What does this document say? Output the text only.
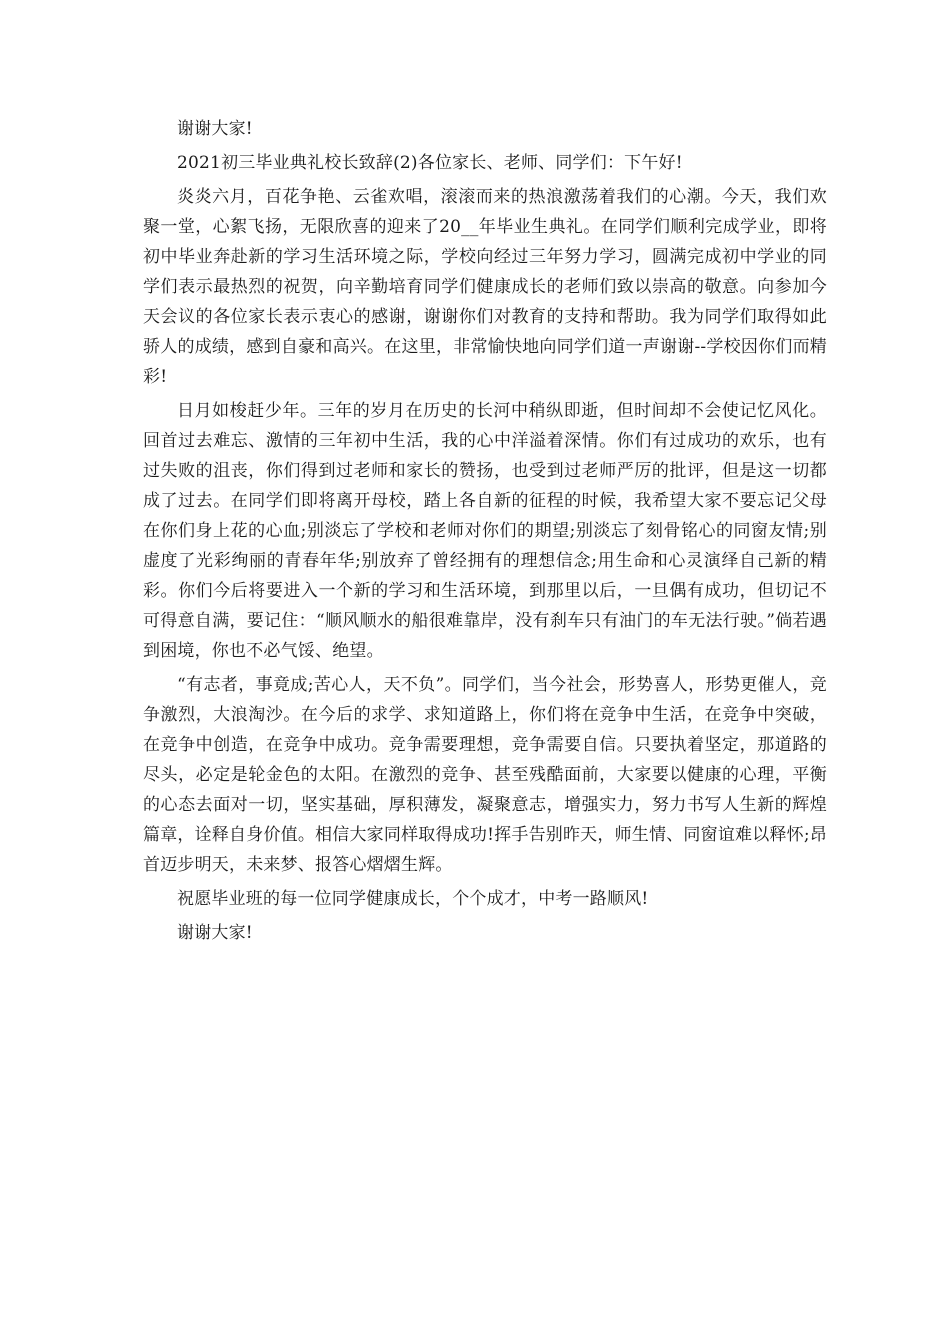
谢谢大家!

2021初三毕业典礼校长致辞(2)各位家长、老师、同学们：下午好!

炎炎六月，百花争艳、云雀欢唱，滚滚而来的热浪激荡着我们的心潮。今天，我们欢聚一堂，心絮飞扬，无限欣喜的迎来了20__年毕业生典礼。在同学们顺利完成学业，即将初中毕业奔赴新的学习生活环境之际，学校向经过三年努力学习，圆满完成初中学业的同学们表示最热烈的祝贺，向辛勤培育同学们健康成长的老师们致以崇高的敬意。向参加今天会议的各位家长表示衷心的感谢，谢谢你们对教育的支持和帮助。我为同学们取得如此骄人的成绩，感到自豪和高兴。在这里，非常愉快地向同学们道一声谢谢--学校因你们而精彩!

日月如梭赶少年。三年的岁月在历史的长河中稍纵即逝，但时间却不会使记忆风化。回首过去难忘、激情的三年初中生活，我的心中洋溢着深情。你们有过成功的欢乐，也有过失败的沮丧，你们得到过老师和家长的赞扬，也受到过老师严厉的批评，但是这一切都成了过去。在同学们即将离开母校，踏上各自新的征程的时候，我希望大家不要忘记父母在你们身上花的心血;别淡忘了学校和老师对你们的期望;别淡忘了刻骨铭心的同窗友情;别虚度了光彩绚丽的青春年华;别放弃了曾经拥有的理想信念;用生命和心灵演绎自己新的精彩。你们今后将要进入一个新的学习和生活环境，到那里以后，一旦偶有成功，但切记不可得意自满，要记住：“顺风顺水的船很难靠岸，没有刹车只有油门的车无法行驶。”倘若遇到困境，你也不必气馁、绝望。

“有志者，事竟成;苦心人，天不负”。同学们，当今社会，形势喜人，形势更催人，竞争激烈，大浪淘沙。在今后的求学、求知道路上，你们将在竞争中生活，在竞争中突破，在竞争中创造，在竞争中成功。竞争需要理想，竞争需要自信。只要执着坚定，那道路的尽头，必定是轮金色的太阳。在激烈的竞争、甚至残酷面前，大家要以健康的心理，平衡的心态去面对一切，坚实基础，厚积薄发，凝聚意志，增强实力，努力书写人生新的辉煌篇章，诠释自身价值。相信大家同样取得成功!挥手告别昨天，师生情、同窗谊难以释怀;昂首迈步明天，未来梦、报答心熠熠生辉。

祝愿毕业班的每一位同学健康成长，个个成才，中考一路顺风!

谢谢大家!
